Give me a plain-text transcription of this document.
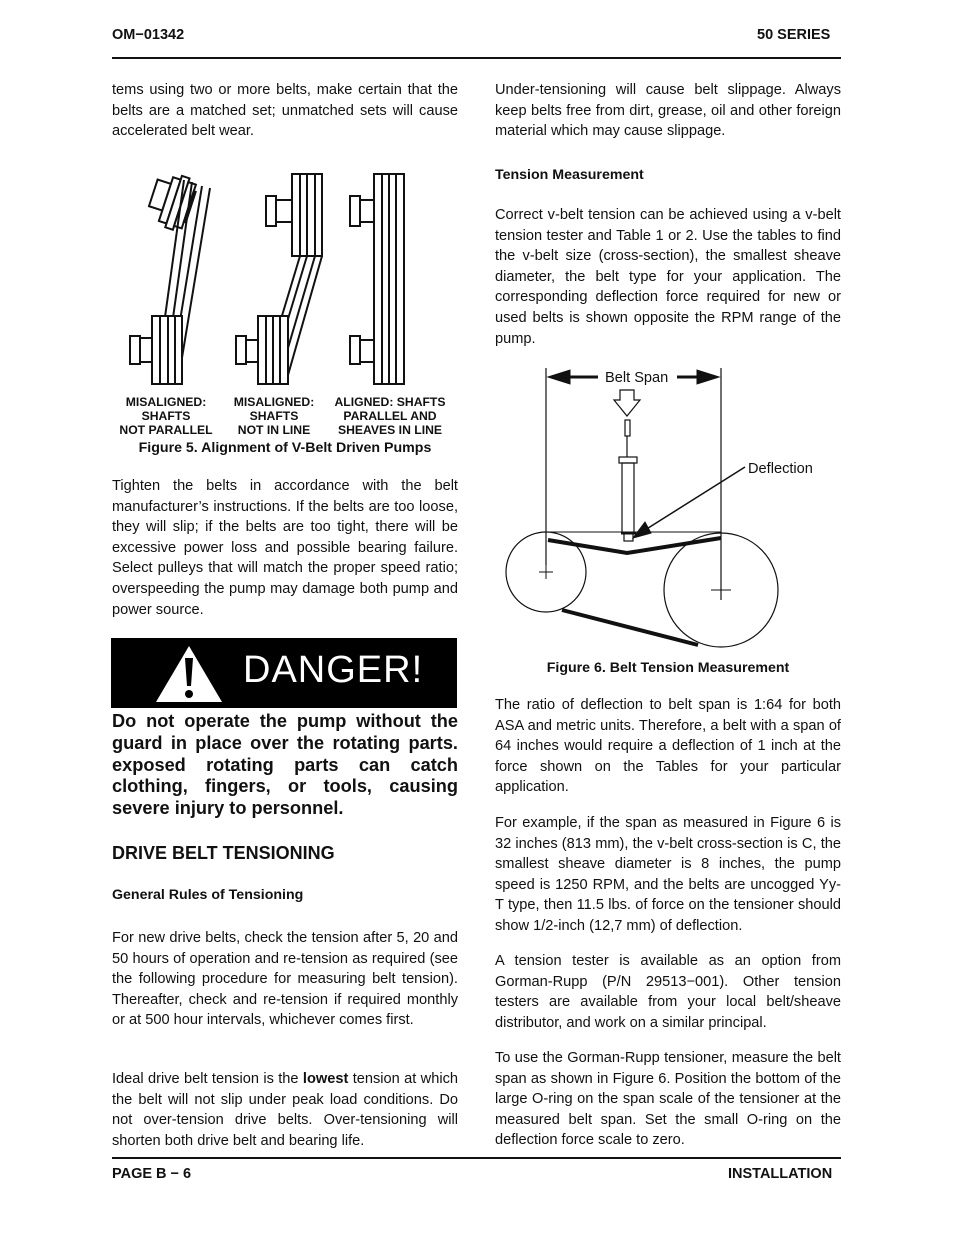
OM−01342	50 SERIES

tems using two or more belts, make certain that the belts are a matched set; unmatched sets will cause accelerated belt wear.

MISALIGNED:
SHAFTS
NOT PARALLEL
MISALIGNED:
SHAFTS
NOT IN LINE
ALIGNED: SHAFTS
PARALLEL AND
SHEAVES IN LINE
Figure 5. Alignment of V-Belt Driven Pumps

Tighten the belts in accordance with the belt manufacturer’s instructions. If the belts are too loose, they will slip; if the belts are too tight, there will be excessive power loss and possible bearing failure. Select pulleys that will match the proper speed ratio; overspeeding the pump may damage both pump and power source.

DANGER!

Do not operate the pump without the guard in place over the rotating parts. exposed rotating parts can catch clothing, fingers, or tools, causing severe injury to personnel.

DRIVE BELT TENSIONING
General Rules of Tensioning

For new drive belts, check the tension after 5, 20 and 50 hours of operation and re-tension as required (see the following procedure for measuring belt tension). Thereafter, check and re-tension if required monthly or at 500 hour intervals, whichever comes first.

Ideal drive belt tension is the lowest tension at which the belt will not slip under peak load conditions. Do not over-tension drive belts. Over-tensioning will shorten both drive belt and bearing life.

Under-tensioning will cause belt slippage. Always keep belts free from dirt, grease, oil and other foreign material which may cause slippage.

Tension Measurement

Correct v-belt tension can be achieved using a v-belt tension tester and Table 1 or 2. Use the tables to find the v-belt size (cross-section), the smallest sheave diameter, the belt type for your application. The corresponding deflection force required for new or used belts is shown opposite the RPM range of the pump.

Belt Span
Deflection
Figure 6. Belt Tension Measurement

The ratio of deflection to belt span is 1:64 for both ASA and metric units. Therefore, a belt with a span of 64 inches would require a deflection of 1 inch at the force shown on the Tables for your particular application.

For example, if the span as measured in Figure 6 is 32 inches (813 mm), the v-belt cross-section is C, the smallest sheave diameter is 8 inches, the pump speed is 1250 RPM, and the belts are uncogged Yy-T type, then 11.5 lbs. of force on the tensioner should show 1/2-inch (12,7 mm) of deflection.

A tension tester is available as an option from Gorman-Rupp (P/N 29513−001). Other tension testers are available from your local belt/sheave distributor, and work on a similar principal.

To use the Gorman-Rupp tensioner, measure the belt span as shown in Figure 6. Position the bottom of the large O-ring on the span scale of the tensioner at the measured belt span. Set the small O-ring on the deflection force scale to zero.

PAGE B − 6	INSTALLATION
